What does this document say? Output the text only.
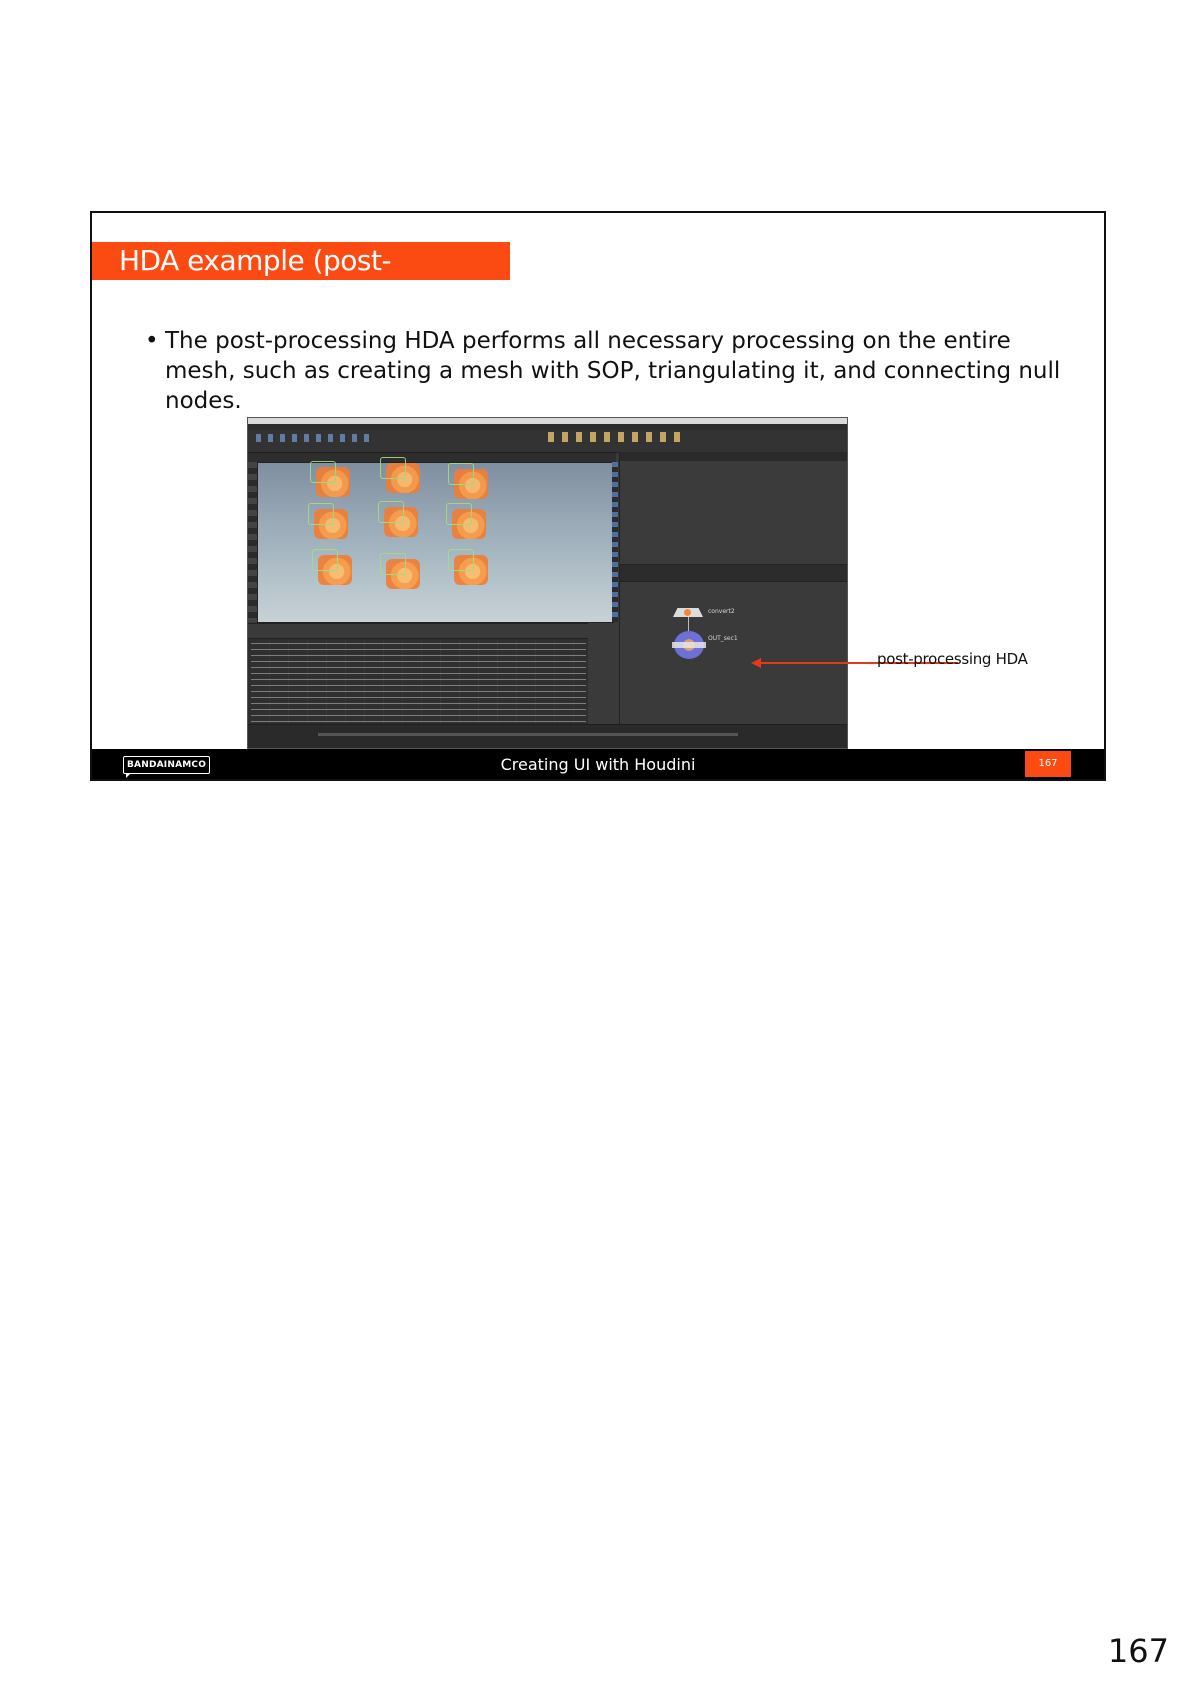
HDA example (post-processing)
• The post-processing HDA performs all necessary processing on the entire mesh, such as creating a mesh with SOP, triangulating it, and connecting null nodes.
convert2
OUT_sec1
post-processing HDA
BANDAINAMCO	Creating UI with Houdini	167
167
